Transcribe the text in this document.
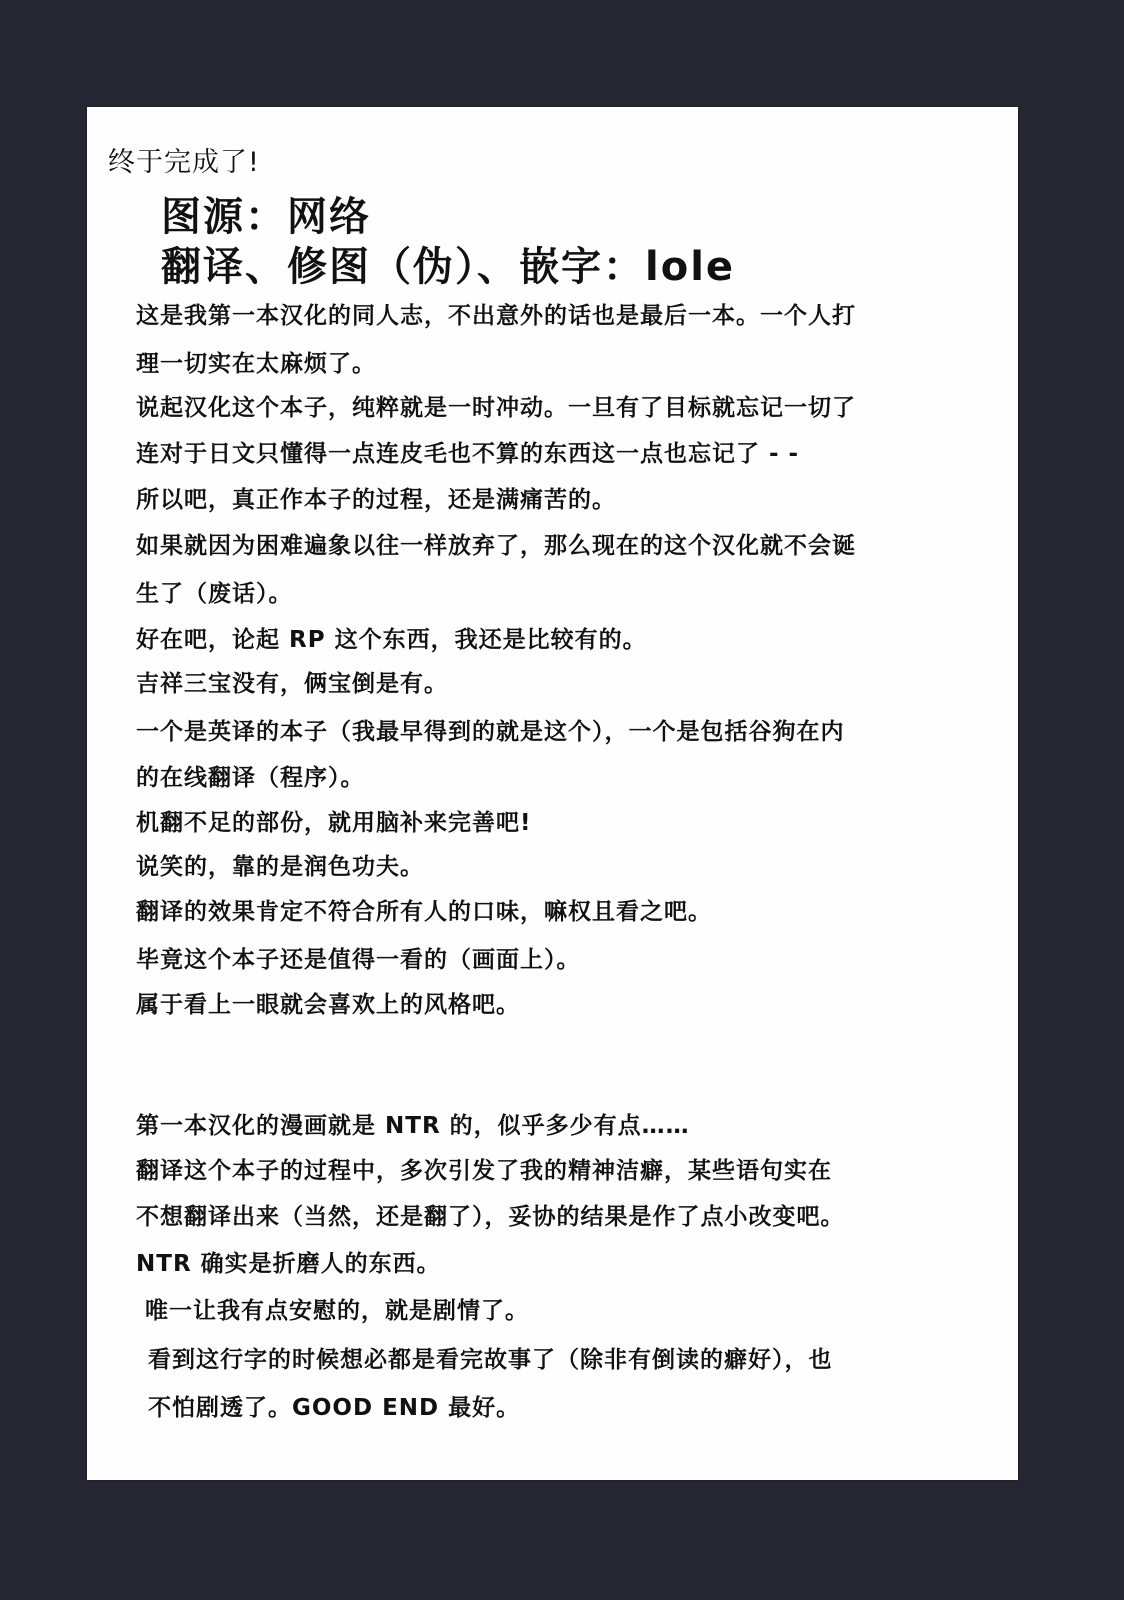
终于完成了!
图源：网络
翻译、修图（伪）、嵌字：lole
这是我第一本汉化的同人志，不出意外的话也是最后一本。一个人打
理一切实在太麻烦了。
说起汉化这个本子，纯粹就是一时冲动。一旦有了目标就忘记一切了
连对于日文只懂得一点连皮毛也不算的东西这一点也忘记了 - -
所以吧，真正作本子的过程，还是满痛苦的。
如果就因为困难遍象以往一样放弃了，那么现在的这个汉化就不会诞
生了（废话）。
好在吧，论起 RP 这个东西，我还是比较有的。
吉祥三宝没有，俩宝倒是有。
一个是英译的本子（我最早得到的就是这个），一个是包括谷狗在内
的在线翻译（程序）。
机翻不足的部份，就用脑补来完善吧!
说笑的，靠的是润色功夫。
翻译的效果肯定不符合所有人的口味，嘛权且看之吧。
毕竟这个本子还是值得一看的（画面上）。
属于看上一眼就会喜欢上的风格吧。
第一本汉化的漫画就是 NTR 的，似乎多少有点……
翻译这个本子的过程中，多次引发了我的精神洁癖，某些语句实在
不想翻译出来（当然，还是翻了），妥协的结果是作了点小改变吧。
NTR 确实是折磨人的东西。
唯一让我有点安慰的，就是剧情了。
看到这行字的时候想必都是看完故事了（除非有倒读的癖好），也
不怕剧透了。GOOD END 最好。
